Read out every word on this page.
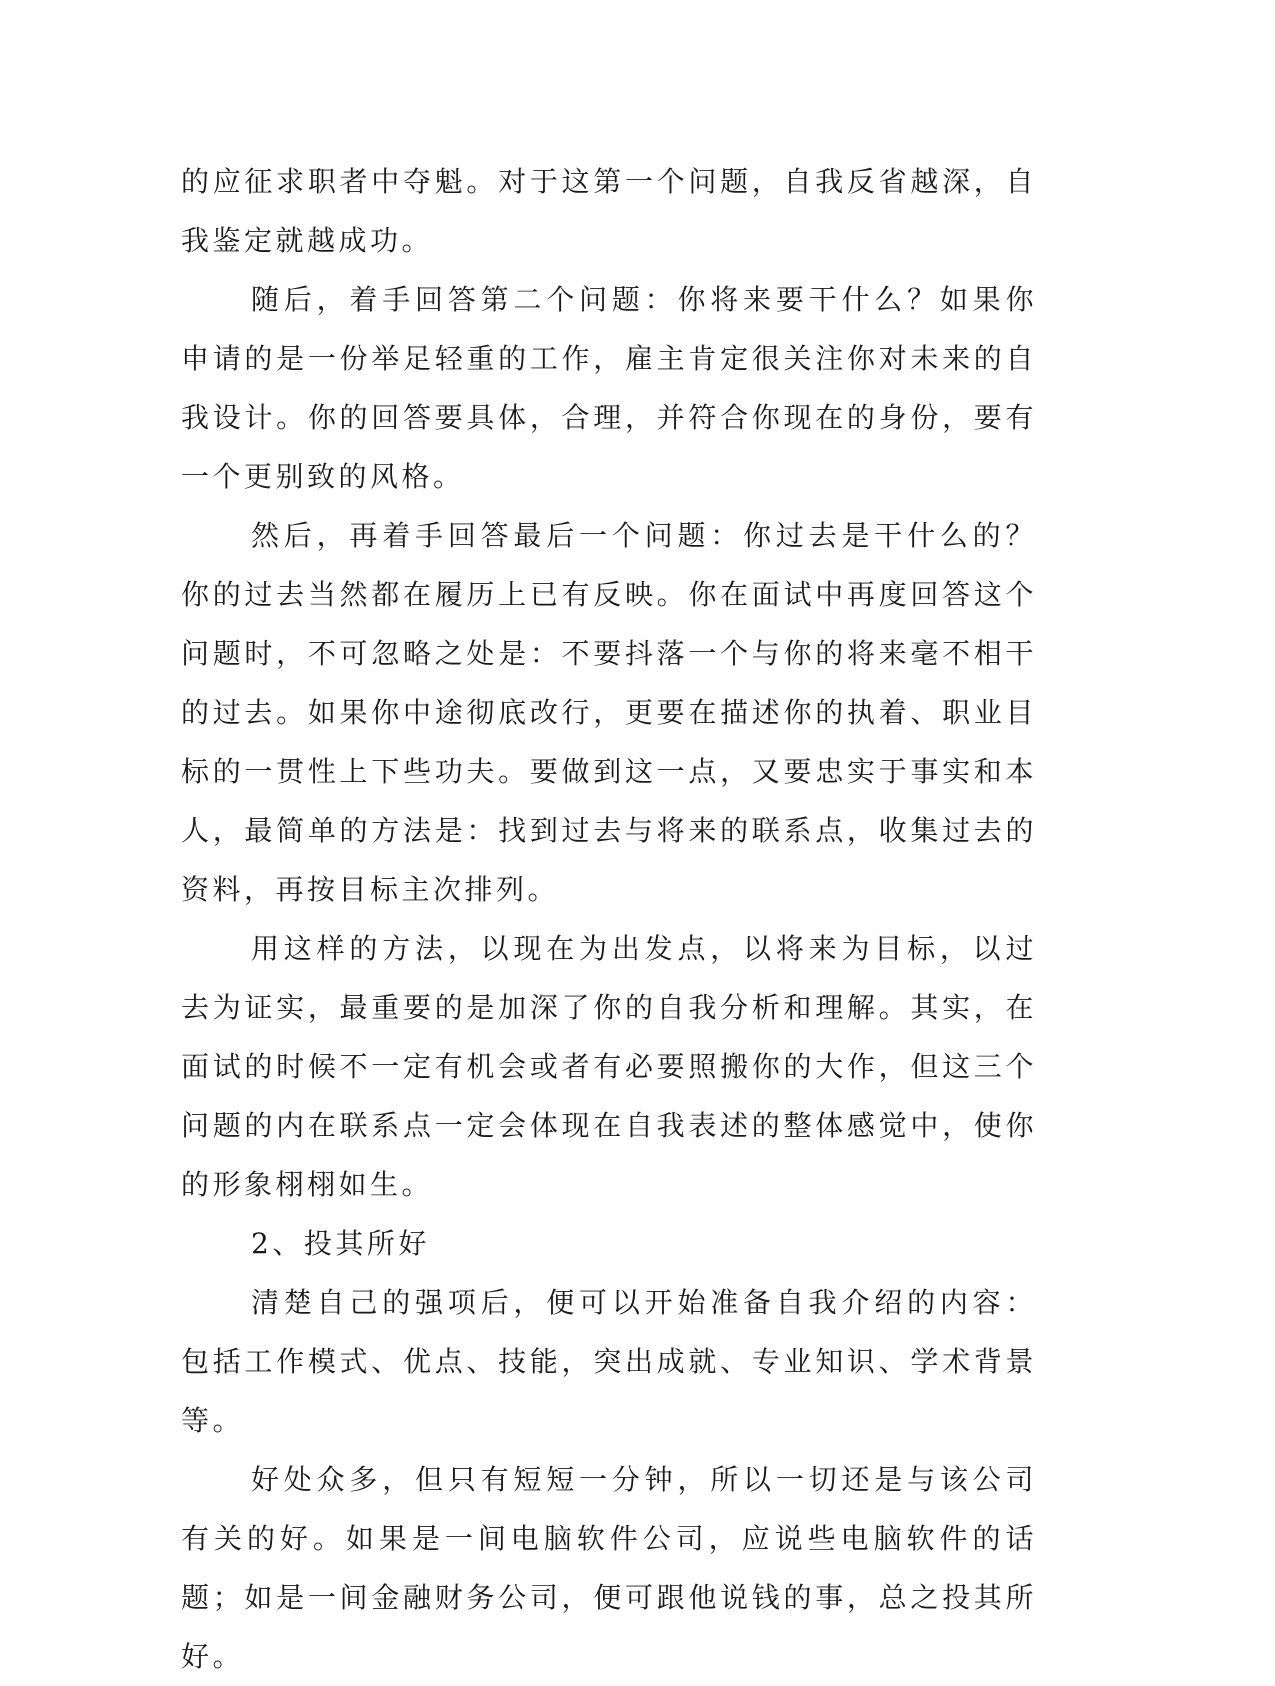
的应征求职者中夺魁。对于这第一个问题，自我反省越深，自我鉴定就越成功。

随后，着手回答第二个问题：你将来要干什么？如果你申请的是一份举足轻重的工作，雇主肯定很关注你对未来的自我设计。你的回答要具体，合理，并符合你现在的身份，要有一个更别致的风格。

然后，再着手回答最后一个问题：你过去是干什么的？你的过去当然都在履历上已有反映。你在面试中再度回答这个问题时，不可忽略之处是：不要抖落一个与你的将来毫不相干的过去。如果你中途彻底改行，更要在描述你的执着、职业目标的一贯性上下些功夫。要做到这一点，又要忠实于事实和本人，最简单的方法是：找到过去与将来的联系点，收集过去的资料，再按目标主次排列。

用这样的方法，以现在为出发点，以将来为目标，以过去为证实，最重要的是加深了你的自我分析和理解。其实，在面试的时候不一定有机会或者有必要照搬你的大作，但这三个问题的内在联系点一定会体现在自我表述的整体感觉中，使你的形象栩栩如生。

2、投其所好

清楚自己的强项后，便可以开始准备自我介绍的内容：包括工作模式、优点、技能，突出成就、专业知识、学术背景等。

好处众多，但只有短短一分钟，所以一切还是与该公司有关的好。如果是一间电脑软件公司，应说些电脑软件的话题；如是一间金融财务公司，便可跟他说钱的事，总之投其所好。
